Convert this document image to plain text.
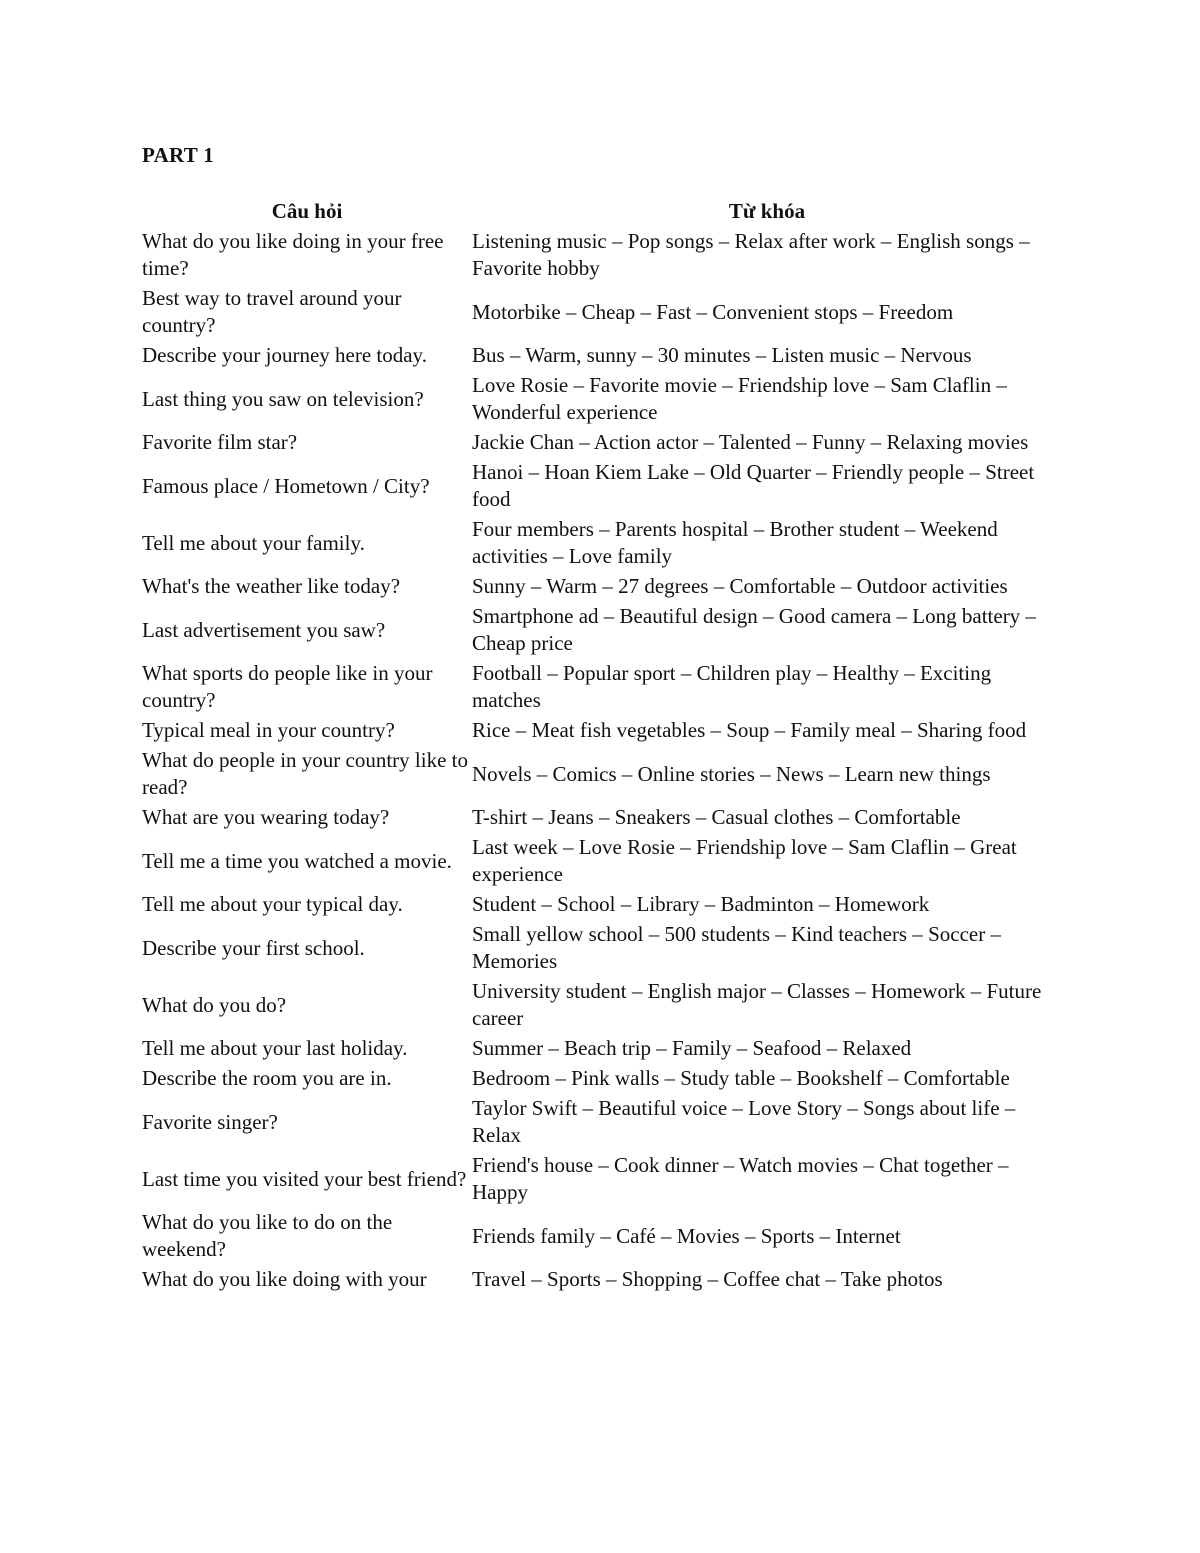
PART 1
Câu hỏi	Từ khóa
What do you like doing in your free time?	Listening music – Pop songs – Relax after work – English songs – Favorite hobby
Best way to travel around your country?	Motorbike – Cheap – Fast – Convenient stops – Freedom
Describe your journey here today.	Bus – Warm, sunny – 30 minutes – Listen music – Nervous
Last thing you saw on television?	Love Rosie – Favorite movie – Friendship love – Sam Claflin – Wonderful experience
Favorite film star?	Jackie Chan – Action actor – Talented – Funny – Relaxing movies
Famous place / Hometown / City?	Hanoi – Hoan Kiem Lake – Old Quarter – Friendly people – Street food
Tell me about your family.	Four members – Parents hospital – Brother student – Weekend activities – Love family
What's the weather like today?	Sunny – Warm – 27 degrees – Comfortable – Outdoor activities
Last advertisement you saw?	Smartphone ad – Beautiful design – Good camera – Long battery – Cheap price
What sports do people like in your country?	Football – Popular sport – Children play – Healthy – Exciting matches
Typical meal in your country?	Rice – Meat fish vegetables – Soup – Family meal – Sharing food
What do people in your country like to read?	Novels – Comics – Online stories – News – Learn new things
What are you wearing today?	T-shirt – Jeans – Sneakers – Casual clothes – Comfortable
Tell me a time you watched a movie.	Last week – Love Rosie – Friendship love – Sam Claflin – Great experience
Tell me about your typical day.	Student – School – Library – Badminton – Homework
Describe your first school.	Small yellow school – 500 students – Kind teachers – Soccer – Memories
What do you do?	University student – English major – Classes – Homework – Future career
Tell me about your last holiday.	Summer – Beach trip – Family – Seafood – Relaxed
Describe the room you are in.	Bedroom – Pink walls – Study table – Bookshelf – Comfortable
Favorite singer?	Taylor Swift – Beautiful voice – Love Story – Songs about life – Relax
Last time you visited your best friend?	Friend's house – Cook dinner – Watch movies – Chat together – Happy
What do you like to do on the weekend?	Friends family – Café – Movies – Sports – Internet
What do you like doing with your	Travel – Sports – Shopping – Coffee chat – Take photos
